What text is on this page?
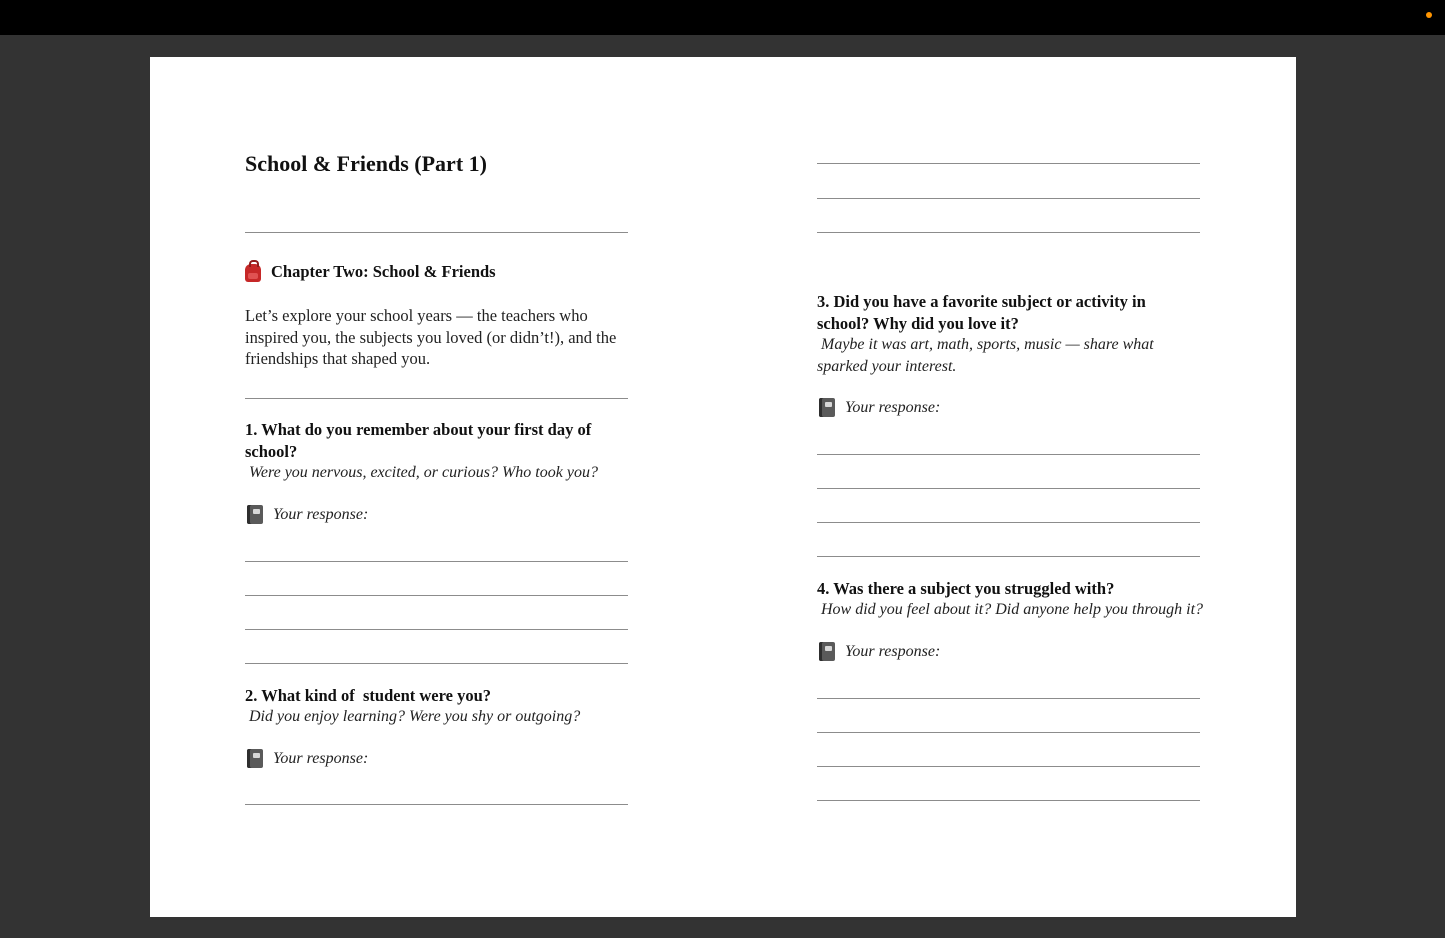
School & Friends (Part 1)
Chapter Two: School & Friends
Let’s explore your school years — the teachers who inspired you, the subjects you loved (or didn’t!), and the friendships that shaped you.
1. What do you remember about your first day of school?
Were you nervous, excited, or curious? Who took you?
Your response:
2. What kind of  student were you?
Did you enjoy learning? Were you shy or outgoing?
Your response:
3. Did you have a favorite subject or activity in school? Why did you love it?
Maybe it was art, math, sports, music — share what sparked your interest.
Your response:
4. Was there a subject you struggled with?
How did you feel about it? Did anyone help you through it?
Your response:
